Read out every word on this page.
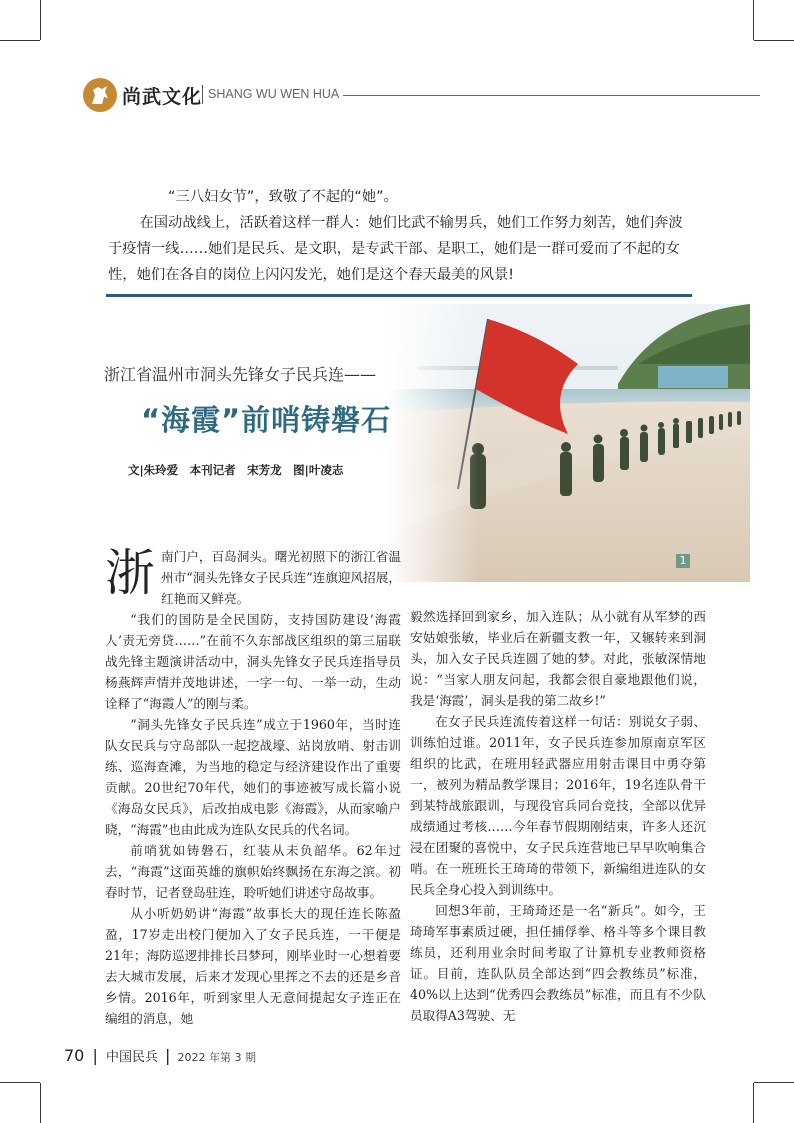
尚武文化 SHANG WU WEN HUA

“三八妇女节”，致敬了不起的“她”。

在国动战线上，活跃着这样一群人：她们比武不输男兵，她们工作努力刻苦，她们奔波于疫情一线……她们是民兵、是文职，是专武干部、是职工，她们是一群可爱而了不起的女性，她们在各自的岗位上闪闪发光，她们是这个春天最美的风景!

1
浙江省温州市洞头先锋女子民兵连——
“海霞”前哨铸磐石
文|朱玲爱　本刊记者　宋芳龙　图|叶凌志

浙南门户，百岛洞头。曙光初照下的浙江省温州市“洞头先锋女子民兵连”连旗迎风招展，红艳而又鲜亮。

“我们的国防是全民国防，支持国防建设‘海霞人’责无旁贷……”在前不久东部战区组织的第三届联战先锋主题演讲活动中，洞头先锋女子民兵连指导员杨燕辉声情并茂地讲述，一字一句、一举一动，生动诠释了“海霞人”的刚与柔。

“洞头先锋女子民兵连”成立于1960年，当时连队女民兵与守岛部队一起挖战壕、站岗放哨、射击训练、巡海查滩，为当地的稳定与经济建设作出了重要贡献。20世纪70年代，她们的事迹被写成长篇小说《海岛女民兵》，后改拍成电影《海霞》，从而家喻户晓，“海霞”也由此成为连队女民兵的代名词。

前哨犹如铸磐石，红装从未负韶华。62年过去，“海霞”这面英雄的旗帜始终飘扬在东海之滨。初春时节，记者登岛驻连，聆听她们讲述守岛故事。

从小听奶奶讲“海霞”故事长大的现任连长陈盈盈，17岁走出校门便加入了女子民兵连，一干便是21年；海防巡逻排排长吕梦珂，刚毕业时一心想着要去大城市发展，后来才发现心里挥之不去的还是乡音乡情。2016年，听到家里人无意间提起女子连正在编组的消息，她

毅然选择回到家乡，加入连队；从小就有从军梦的西安姑娘张敏，毕业后在新疆支教一年，又辗转来到洞头，加入女子民兵连圆了她的梦。对此，张敏深情地说：“当家人朋友问起，我都会很自豪地跟他们说，我是‘海霞’，洞头是我的第二故乡!”

在女子民兵连流传着这样一句话：别说女子弱、训练怕过谁。2011年，女子民兵连参加原南京军区组织的比武，在班用轻武器应用射击课目中勇夺第一，被列为精品教学课目；2016年，19名连队骨干到某特战旅跟训，与现役官兵同台竞技，全部以优异成绩通过考核……今年春节假期刚结束，许多人还沉浸在团聚的喜悦中，女子民兵连营地已早早吹响集合哨。在一班班长王琦琦的带领下，新编组进连队的女民兵全身心投入到训练中。

回想3年前，王琦琦还是一名“新兵”。如今，王琦琦军事素质过硬，担任捕俘拳、格斗等多个课目教练员，还利用业余时间考取了计算机专业教师资格证。目前，连队队员全部达到“四会教练员”标准，40%以上达到“优秀四会教练员”标准，而且有不少队员取得A3驾驶、无

70 | 中国民兵 | 2022 年第 3 期
